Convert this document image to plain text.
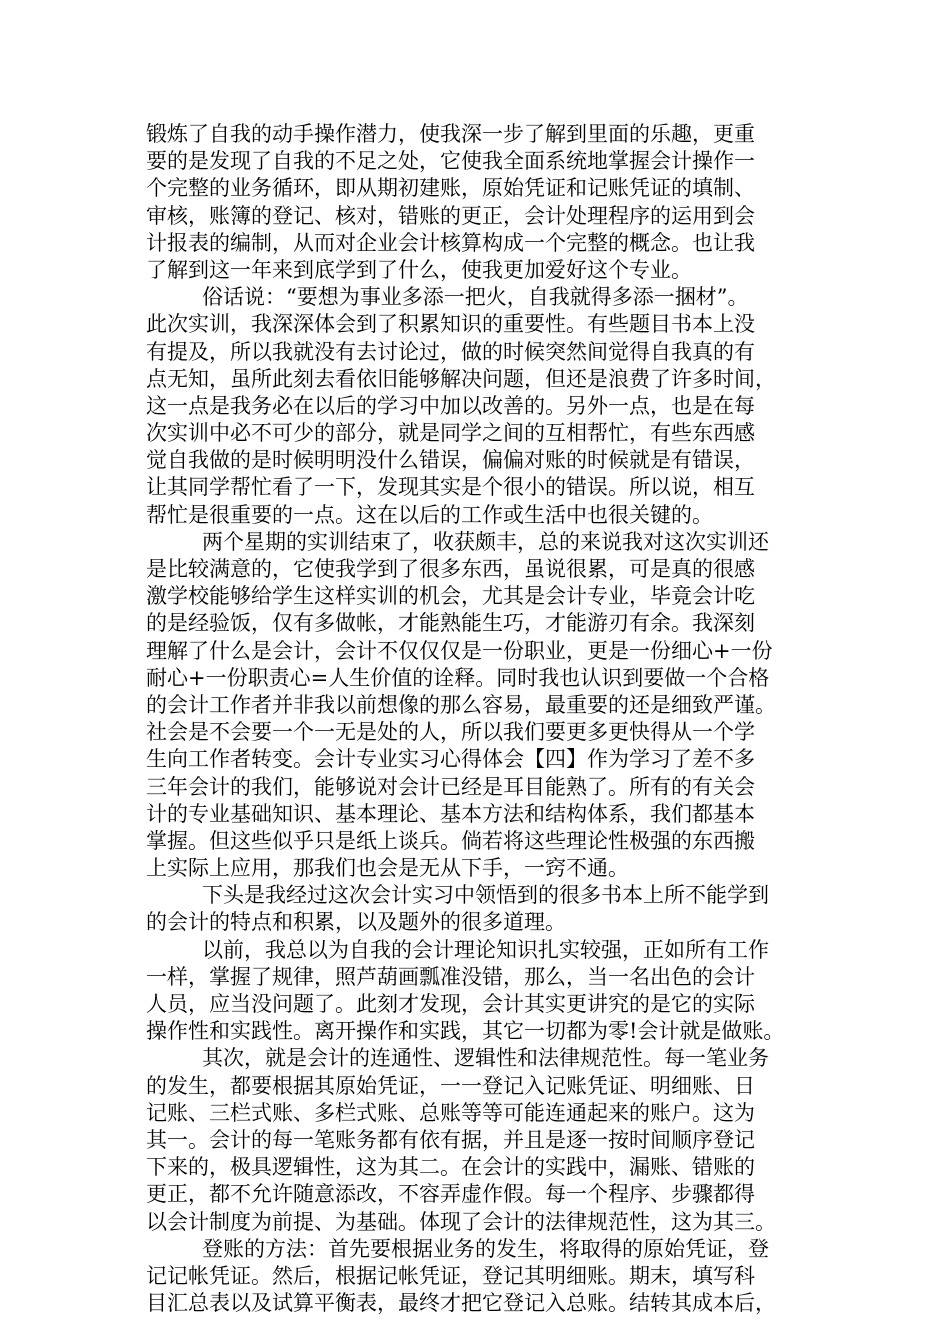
锻炼了自我的动手操作潜力，使我深一步了解到里面的乐趣，更重
要的是发现了自我的不足之处，它使我全面系统地掌握会计操作一
个完整的业务循环，即从期初建账，原始凭证和记账凭证的填制、
审核，账簿的登记、核对，错账的更正，会计处理程序的运用到会
计报表的编制，从而对企业会计核算构成一个完整的概念。也让我
了解到这一年来到底学到了什么，使我更加爱好这个专业。
俗话说：“要想为事业多添一把火，自我就得多添一捆材”。
此次实训，我深深体会到了积累知识的重要性。有些题目书本上没
有提及，所以我就没有去讨论过，做的时候突然间觉得自我真的有
点无知，虽所此刻去看依旧能够解决问题，但还是浪费了许多时间，
这一点是我务必在以后的学习中加以改善的。另外一点，也是在每
次实训中必不可少的部分，就是同学之间的互相帮忙，有些东西感
觉自我做的是时候明明没什么错误，偏偏对账的时候就是有错误，
让其同学帮忙看了一下，发现其实是个很小的错误。所以说，相互
帮忙是很重要的一点。这在以后的工作或生活中也很关键的。
两个星期的实训结束了，收获颇丰，总的来说我对这次实训还
是比较满意的，它使我学到了很多东西，虽说很累，可是真的很感
激学校能够给学生这样实训的机会，尤其是会计专业，毕竟会计吃
的是经验饭，仅有多做帐，才能熟能生巧，才能游刃有余。我深刻
理解了什么是会计，会计不仅仅仅是一份职业，更是一份细心+一份
耐心+一份职责心=人生价值的诠释。同时我也认识到要做一个合格
的会计工作者并非我以前想像的那么容易，最重要的还是细致严谨。
社会是不会要一个一无是处的人，所以我们要更多更快得从一个学
生向工作者转变。会计专业实习心得体会【四】作为学习了差不多
三年会计的我们，能够说对会计已经是耳目能熟了。所有的有关会
计的专业基础知识、基本理论、基本方法和结构体系，我们都基本
掌握。但这些似乎只是纸上谈兵。倘若将这些理论性极强的东西搬
上实际上应用，那我们也会是无从下手，一窍不通。
下头是我经过这次会计实习中领悟到的很多书本上所不能学到
的会计的特点和积累，以及题外的很多道理。
以前，我总以为自我的会计理论知识扎实较强，正如所有工作
一样，掌握了规律，照芦葫画瓢准没错，那么，当一名出色的会计
人员，应当没问题了。此刻才发现，会计其实更讲究的是它的实际
操作性和实践性。离开操作和实践，其它一切都为零!会计就是做账。
其次，就是会计的连通性、逻辑性和法律规范性。每一笔业务
的发生，都要根据其原始凭证，一一登记入记账凭证、明细账、日
记账、三栏式账、多栏式账、总账等等可能连通起来的账户。这为
其一。会计的每一笔账务都有依有据，并且是逐一按时间顺序登记
下来的，极具逻辑性，这为其二。在会计的实践中，漏账、错账的
更正，都不允许随意添改，不容弄虚作假。每一个程序、步骤都得
以会计制度为前提、为基础。体现了会计的法律规范性，这为其三。
登账的方法：首先要根据业务的发生，将取得的原始凭证，登
记记帐凭证。然后，根据记帐凭证，登记其明细账。期末，填写科
目汇总表以及试算平衡表，最终才把它登记入总账。结转其成本后，
